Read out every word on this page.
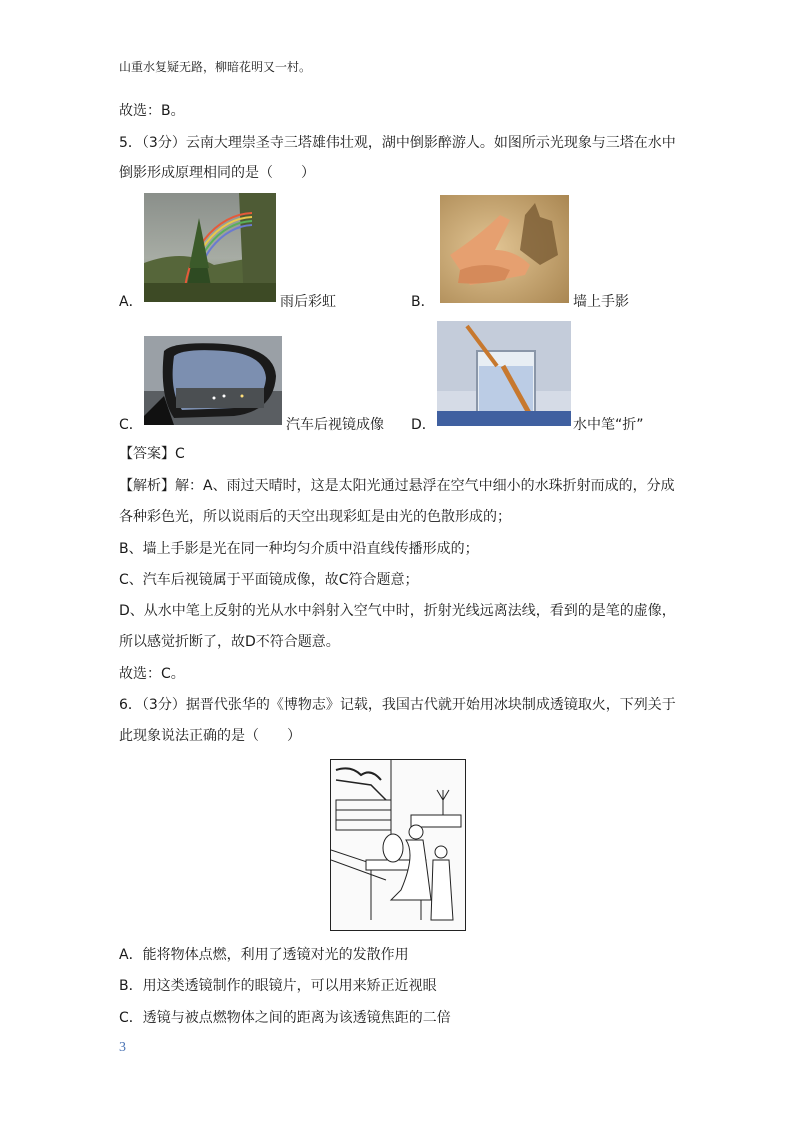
山重水复疑无路，柳暗花明又一村。
故选：B。
5．（3分）云南大理崇圣寺三塔雄伟壮观，湖中倒影醉游人。如图所示光现象与三塔在水中
倒影形成原理相同的是（　　）
A．	雨后彩虹	B．	墙上手影
C．	汽车后视镜成像 D．	水中笔“折”
【答案】C
【解析】解：A、雨过天晴时，这是太阳光通过悬浮在空气中细小的水珠折射而成的，分成
各种彩色光，所以说雨后的天空出现彩虹是由光的色散形成的；
B、墙上手影是光在同一种均匀介质中沿直线传播形成的；
C、汽车后视镜属于平面镜成像，故C符合题意；
D、从水中笔上反射的光从水中斜射入空气中时，折射光线远离法线，看到的是笔的虚像，
所以感觉折断了，故D不符合题意。
故选：C。
6．（3分）据晋代张华的《博物志》记载，我国古代就开始用冰块制成透镜取火，下列关于
此现象说法正确的是（　　）
A．能将物体点燃，利用了透镜对光的发散作用
B．用这类透镜制作的眼镜片，可以用来矫正近视眼
C．透镜与被点燃物体之间的距离为该透镜焦距的二倍
3
